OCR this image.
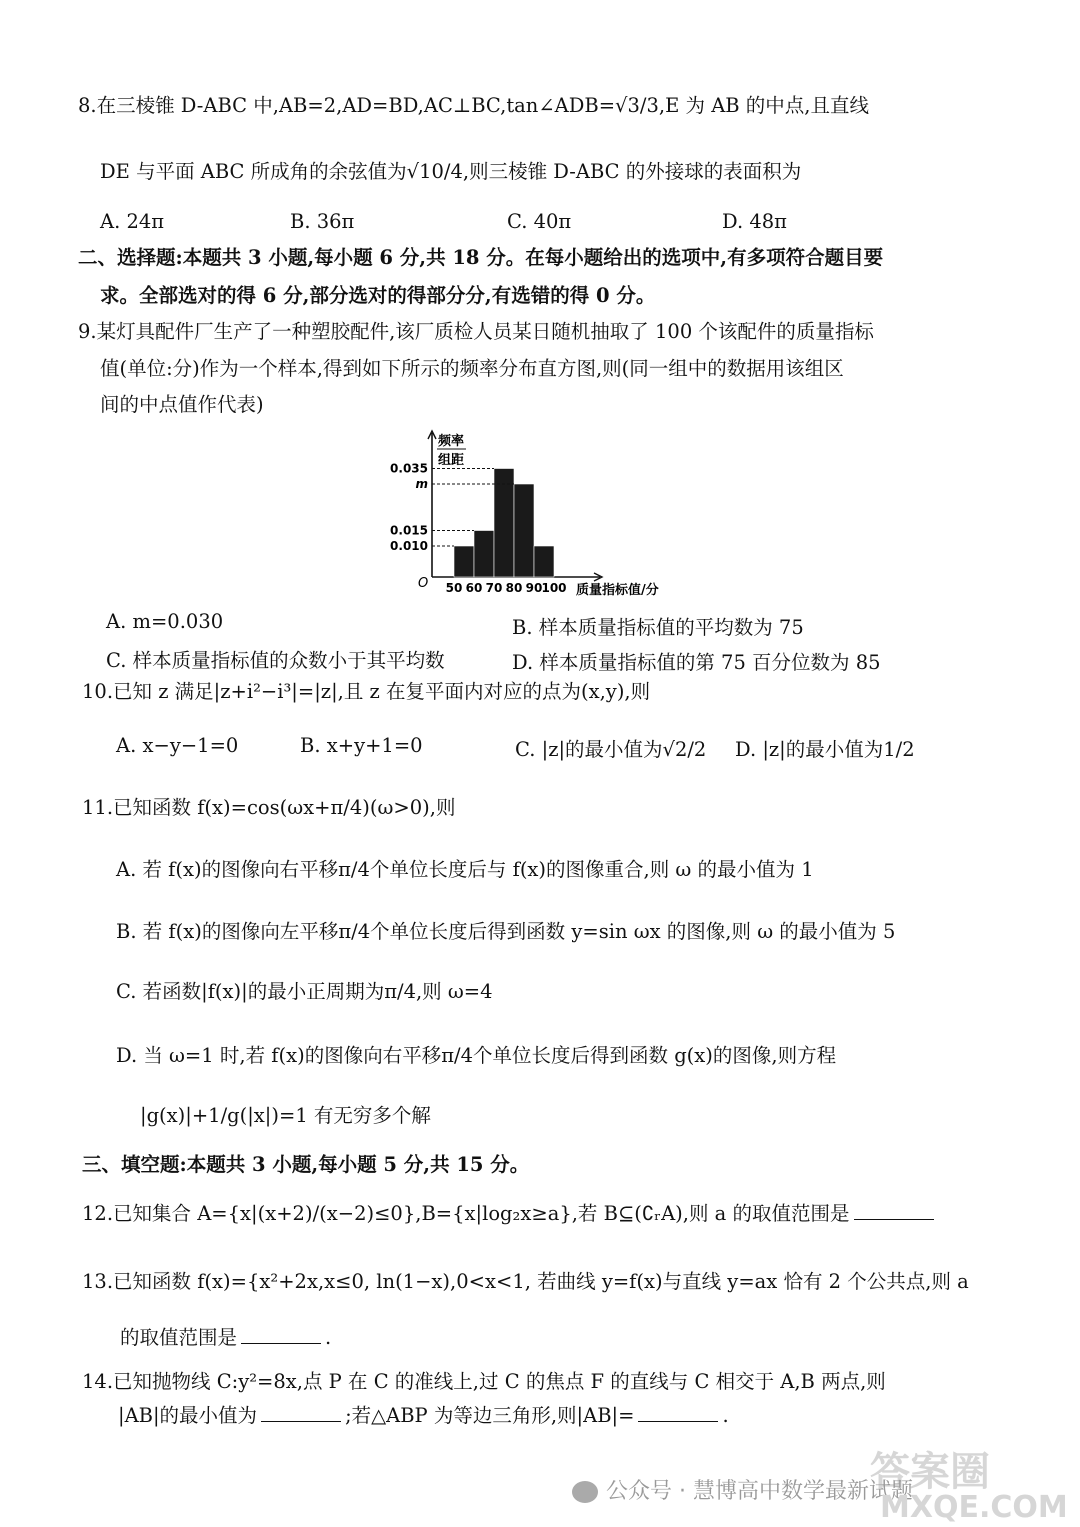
8.在三棱锥 D-ABC 中,AB=2,AD=BD,AC⊥BC,tan∠ADB=√3/3,E 为 AB 的中点,且直线
DE 与平面 ABC 所成角的余弦值为√10/4,则三棱锥 D-ABC 的外接球的表面积为
A. 24π	B. 36π	C. 40π	D. 48π
二、选择题:本题共 3 小题,每小题 6 分,共 18 分。在每小题给出的选项中,有多项符合题目要
求。全部选对的得 6 分,部分选对的得部分分,有选错的得 0 分。
9.某灯具配件厂生产了一种塑胶配件,该厂质检人员某日随机抽取了 100 个该配件的质量指标
值(单位:分)作为一个样本,得到如下所示的频率分布直方图,则(同一组中的数据用该组区
间的中点值作代表)
频率
组距
O
0.010
0.015
m
0.035
50 60 70 80 90 100 质量指标值/分
A. m=0.030	B. 样本质量指标值的平均数为 75
C. 样本质量指标值的众数小于其平均数	D. 样本质量指标值的第 75 百分位数为 85
10.已知 z 满足|z+i²−i³|=|z|,且 z 在复平面内对应的点为(x,y),则
A. x−y−1=0	B. x+y+1=0	C. |z|的最小值为√2/2 D. |z|的最小值为1/2
11.已知函数 f(x)=cos(ωx+π/4)(ω>0),则
A. 若 f(x)的图像向右平移π/4个单位长度后与 f(x)的图像重合,则 ω 的最小值为 1
B. 若 f(x)的图像向左平移π/4个单位长度后得到函数 y=sin ωx 的图像,则 ω 的最小值为 5
C. 若函数|f(x)|的最小正周期为π/4,则 ω=4
D. 当 ω=1 时,若 f(x)的图像向右平移π/4个单位长度后得到函数 g(x)的图像,则方程
|g(x)|+1/g(|x|)=1 有无穷多个解
三、填空题:本题共 3 小题,每小题 5 分,共 15 分。
12.已知集合 A={x|(x+2)/(x−2)≤0},B={x|log₂x≥a},若 B⊆(∁ᵣA),则 a 的取值范围是
13.已知函数 f(x)={x²+2x,x≤0, ln(1−x),0<x<1, 若曲线 y=f(x)与直线 y=ax 恰有 2 个公共点,则 a
的取值范围是	.
14.已知抛物线 C:y²=8x,点 P 在 C 的准线上,过 C 的焦点 F 的直线与 C 相交于 A,B 两点,则
|AB|的最小值为	;若△ABP 为等边三角形,则|AB|=	.
答案圈
公众号 · 慧博高中数学最新试题
MXQE.COM
